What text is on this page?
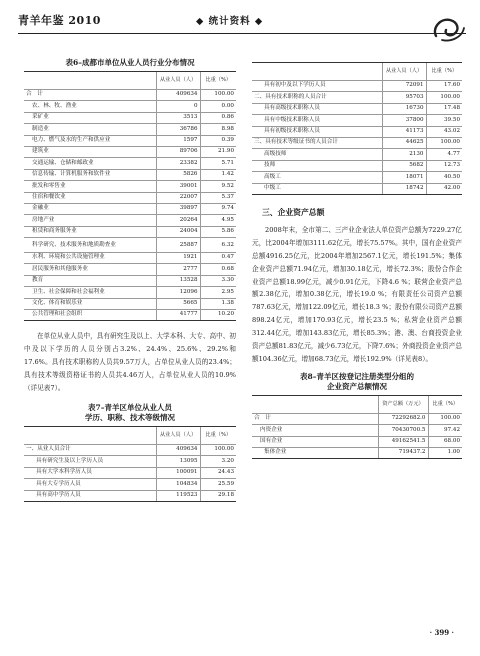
青羊年鉴 2010	◆ 统计资料 ◆
表6–成都市单位从业人员行业分布情况
	从业人员（人）	比重（%）
合　计	409634	100.00
农、林、牧、渔业	0	0.00
采矿业	3513	0.86
制造业	36786	8.98
电力、燃气及水的生产和供应业	1597	0.39
建筑业	89706	21.90
交通运输、仓储和邮政业	23382	5.71
信息传输、计算机服务和软件业	5826	1.42
批发和零售业	39001	9.52
住宿和餐饮业	22007	5.37
金融业	39897	9.74
房地产业	20264	4.95
租赁和商务服务业	24004	5.86
科学研究、技术服务和地质勘查业	25887	6.32
水利、环境和公共设施管理业	1921	0.47
居民服务和其他服务业	2777	0.68
教育	13528	3.30
卫生、社会保障和社会福利业	12096	2.95
文化、体育和娱乐业	5665	1.38
公共管理和社会组织	41777	10.20

在单位从业人员中，具有研究生及以上、大学本科、大专、高中、初中及以下学历的人员分别占3.2%、24.4%、25.6%、29.2%和17.6%。具有技术职称的人员共9.57万人，占单位从业人员的23.4%；具有技术等级资格证书的人员共4.46万人，占单位从业人员的10.9%（详见表7）。

表7–青羊区单位从业人员
学历、职称、技术等级情况
	从业人员（人）	比重（%）
一、从业人员合计	409634	100.00
具有研究生及以上学历人员	13095	3.20
具有大学本科学历人员	100091	24.43
具有大专学历人员	104834	25.59
具有高中学历人员	119523	29.18
	从业人员（人）	比重（%）
具有初中及以下学历人员	72091	17.60
二、具有技术职称的人员合计	95703	100.00
具有高级技术职称人员	16730	17.48
具有中级技术职称人员	37800	39.50
具有初级技术职称人员	41173	43.02
三、具有技术等级证书的人员合计	44625	100.00
高级技师	2130	4.77
技师	5682	12.73
高级工	18071	40.50
中级工	18742	42.00
三、企业资产总额

2008年末，全市第二、三产业企业法人单位资产总额为7229.27亿元，比2004年增加3111.62亿元，增长75.57%。其中，国有企业资产总额4916.25亿元，比2004年增加2567.1亿元，增长191.5%；集体企业资产总额71.94亿元，增加30.18亿元，增长72.3%；股份合作企业资产总额18.99亿元，减少0.91亿元，下降4.6 %；联营企业资产总额2.38亿元，增加0.38亿元，增长19.0 %；有限责任公司资产总额787.63亿元，增加122.09亿元，增长18.3 %；股份有限公司资产总额898.24亿元，增加170.93亿元，增长23.5 %；私营企业资产总额312.44亿元，增加143.83亿元，增长85.3%；港、澳、台商投资企业资产总额81.83亿元，减少6.73亿元，下降7.6%；外商投资企业资产总额104.36亿元，增加68.73亿元，增长192.9%（详见表8）。

表8–青羊区按登记注册类型分组的
企业资产总额情况
	资产总额（万元）	比重（%）
合　计	72292682.0	100.00
内资企业	70430700.5	97.42
国有企业	49162541.5	68.00
集体企业	719437.2	1.00
· 399 ·
